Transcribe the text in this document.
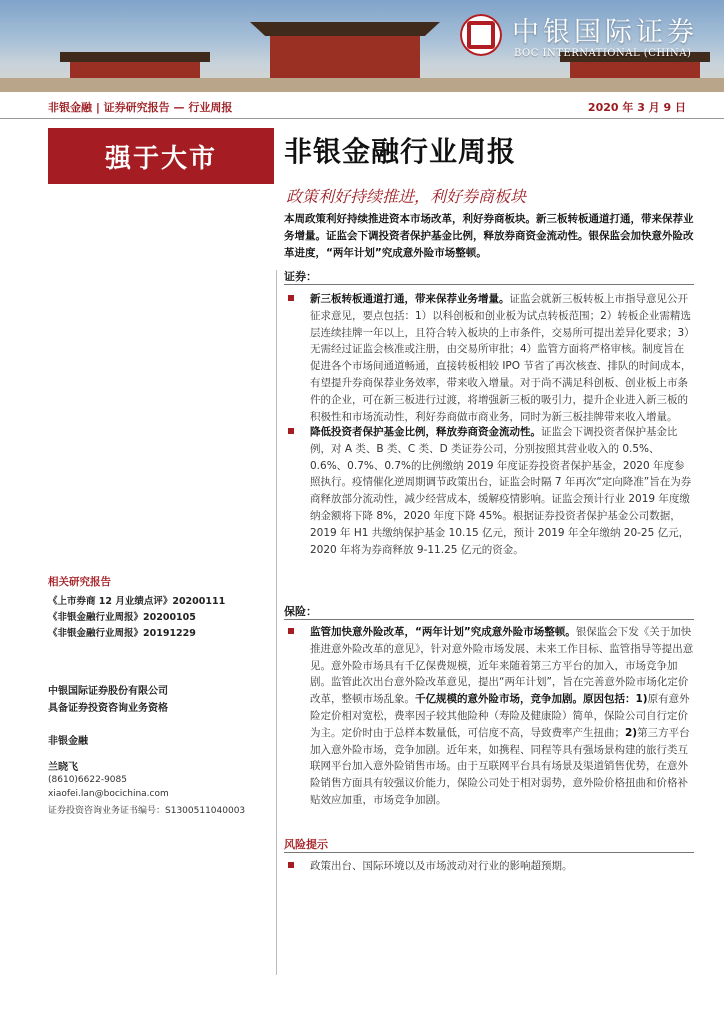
中银国际证券
BOC INTERNATIONAL (CHINA)
非银金融 | 证券研究报告 — 行业周报	2020 年 3 月 9 日
强于大市	非银金融行业周报
政策利好持续推进，利好券商板块
本周政策利好持续推进资本市场改革，利好券商板块。新三板转板通道打通，带来保荐业务增量。证监会下调投资者保护基金比例，释放券商资金流动性。银保监会加快意外险改革进度，“两年计划”究成意外险市场整顿。
证券：
新三板转板通道打通，带来保荐业务增量。证监会就新三板转板上市指导意见公开征求意见，要点包括：1）以科创板和创业板为试点转板范围；2）转板企业需精选层连续挂牌一年以上，且符合转入板块的上市条件，交易所可提出差异化要求；3）无需经过证监会核准或注册，由交易所审批；4）监管方面将严格审核。制度旨在促进各个市场间通道畅通，直接转板相较 IPO 节省了再次核查、排队的时间成本，有望提升券商保荐业务效率，带来收入增量。对于尚不满足科创板、创业板上市条件的企业，可在新三板进行过渡，将增强新三板的吸引力，提升企业进入新三板的积极性和市场流动性，利好券商做市商业务，同时为新三板挂牌带来收入增量。
降低投资者保护基金比例，释放券商资金流动性。证监会下调投资者保护基金比例，对 A 类、B 类、C 类、D 类证券公司，分别按照其营业收入的 0.5%、0.6%、0.7%、0.7%的比例缴纳 2019 年度证券投资者保护基金，2020 年度参照执行。疫情催化逆周期调节政策出台，证监会时隔 7 年再次“定向降准”旨在为券商释放部分流动性，减少经营成本，缓解疫情影响。证监会预计行业 2019 年度缴纳金额将下降 8%，2020 年度下降 45%。根据证券投资者保护基金公司数据，2019 年 H1 共缴纳保护基金 10.15 亿元，预计 2019 年全年缴纳 20-25 亿元，2020 年将为券商释放 9-11.25 亿元的资金。
保险：
监管加快意外险改革，“两年计划”究成意外险市场整顿。银保监会下发《关于加快推进意外险改革的意见》，针对意外险市场发展、未来工作目标、监管指导等提出意见。意外险市场具有千亿保费规模，近年来随着第三方平台的加入，市场竞争加剧。监管此次出台意外险改革意见，提出“两年计划”，旨在完善意外险市场化定价改革，整顿市场乱象。千亿规模的意外险市场，竞争加剧。原因包括：1)原有意外险定价相对宽松，费率因子较其他险种（寿险及健康险）简单，保险公司自行定价为主。定价时由于总样本数量低，可信度不高，导致费率产生扭曲；2)第三方平台加入意外险市场，竞争加剧。近年来，如携程、同程等具有强场景构建的旅行类互联网平台加入意外险销售市场。由于互联网平台具有场景及渠道销售优势，在意外险销售方面具有较强议价能力，保险公司处于相对弱势，意外险价格扭曲和价格补贴效应加重，市场竞争加剧。
风险提示
政策出台、国际环境以及市场波动对行业的影响超预期。
相关研究报告
《上市券商 12 月业绩点评》20200111
《非银金融行业周报》20200105
《非银金融行业周报》20191229
中银国际证券股份有限公司
具备证券投资咨询业务资格
非银金融
兰晓飞
(8610)6622-9085
xiaofei.lan@bocichina.com
证券投资咨询业务证书编号：S1300511040003
